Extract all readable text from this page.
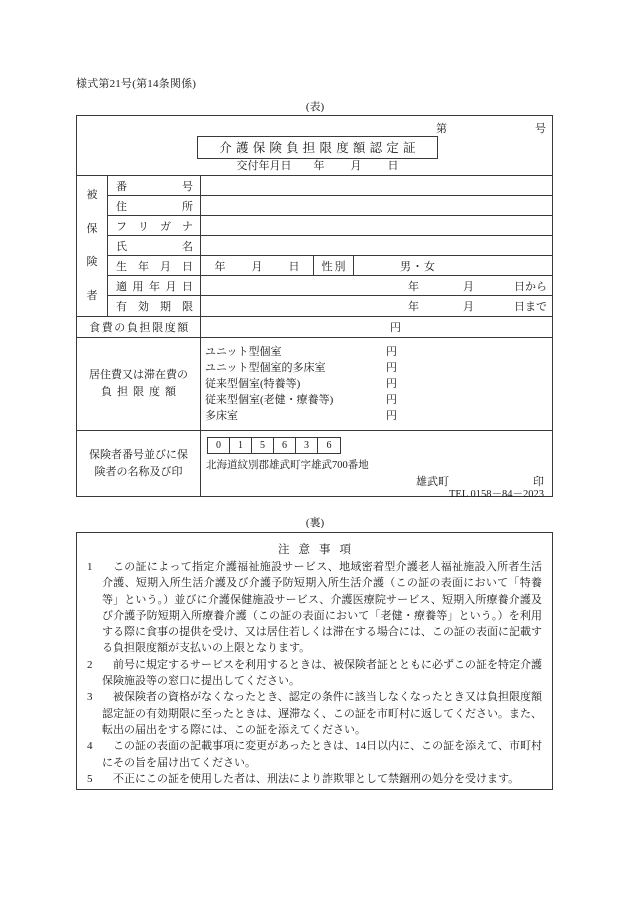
様式第21号(第14条関係)
(表)
第	号
介護保険負担限度額認定証
交付年月日 年 月 日
被
保
険
者
番	号
住	所
フ リ ガ ナ
氏	名
生 年 月 日 年 月 日	性別	男・女
適 用 年 月 日	年	月	日から
有 効 期 限	年	月	日まで
食費の負担限度額	円
居住費又は滞在費の
負担限度額
ユニット型個室	円
ユニット型個室的多床室	円
従来型個室(特養等)	円
従来型個室(老健・療養等)	円
多床室	円
保険者番号並びに保
険者の名称及び印
0	1	5	6	3	6
北海道紋別郡雄武町字雄武700番地
雄武町	印
TEL 0158－84－2023
(裏)
注意事項
1	この証によって指定介護福祉施設サービス、地域密着型介護老人福祉施設入所者生活介護、短期入所生活介護及び介護予防短期入所生活介護（この証の表面において「特養等」という。）並びに介護保健施設サービス、介護医療院サービス、短期入所療養介護及び介護予防短期入所療養介護（この証の表面において「老健・療養等」という。）を利用する際に食事の提供を受け、又は居住若しくは滞在する場合には、この証の表面に記載する負担限度額が支払いの上限となります。
2	前号に規定するサービスを利用するときは、被保険者証とともに必ずこの証を特定介護保険施設等の窓口に提出してください。
3	被保険者の資格がなくなったとき、認定の条件に該当しなくなったとき又は負担限度額認定証の有効期限に至ったときは、遅滞なく、この証を市町村に返してください。また、転出の届出をする際には、この証を添えてください。
4	この証の表面の記載事項に変更があったときは、14日以内に、この証を添えて、市町村にその旨を届け出てください。
5	不正にこの証を使用した者は、刑法により詐欺罪として禁錮刑の処分を受けます。
